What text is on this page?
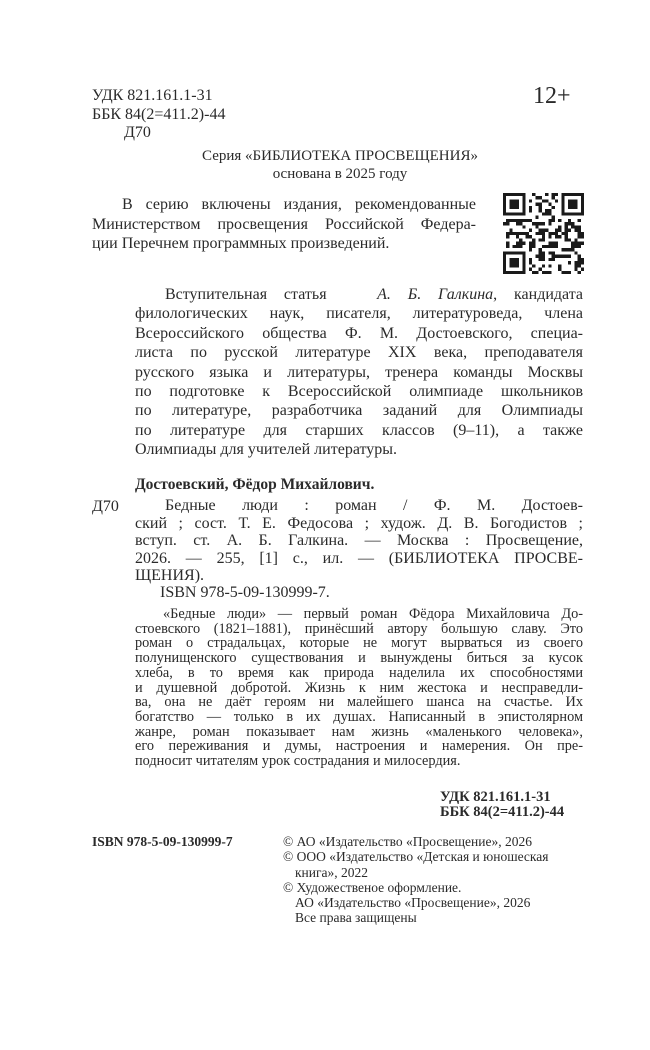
УДК 821.161.1-31
ББК 84(2=411.2)-44
Д70
12+
Серия «БИБЛИОТЕКА ПРОСВЕЩЕНИЯ»
основана в 2025 году
В серию включены издания, рекомендованные
Министерством просвещения Российской Федера-
ции Перечнем программных произведений.
Вступительная статья	А. Б. Галкина, кандидата
филологических наук, писателя, литературоведа, члена
Всероссийского общества Ф. М. Достоевского, специа-
листа по русской литературе XIX века, преподавателя
русского языка и литературы, тренера команды Москвы
по подготовке к Всероссийской олимпиаде школьников
по литературе, разработчика заданий для Олимпиады
по литературе для старших классов (9–11), а также
Олимпиады для учителей литературы.
Достоевский, Фёдор Михайлович.
Д70	Бедные люди : роман / Ф. М. Достоев-
ский ; сост. Т. Е. Федосова ; худож. Д. В. Богодистов ;
вступ. ст. А. Б. Галкина. — Москва : Просвещение,
2026. — 255, [1] с., ил. — (БИБЛИОТЕКА ПРОСВЕ-
ЩЕНИЯ).
ISBN 978-5-09-130999-7.
«Бедные люди» — первый роман Фёдора Михайловича До-
стоевского (1821–1881), принёсший автору большую славу. Это
роман о страдальцах, которые не могут вырваться из своего
полунищенского существования и вынуждены биться за кусок
хлеба, в то время как природа наделила их способностями
и душевной добротой. Жизнь к ним жестока и несправедли-
ва, она не даёт героям ни малейшего шанса на счастье. Их
богатство — только в их душах. Написанный в эпистолярном
жанре, роман показывает нам жизнь «маленького человека»,
его переживания и думы, настроения и намерения. Он пре-
подносит читателям урок сострадания и милосердия.
УДК 821.161.1-31
ББК 84(2=411.2)-44
ISBN 978-5-09-130999-7	© АО «Издательство «Просвещение», 2026
© ООО «Издательство «Детская и юношеская
книга», 2022
© Художественое оформление.
АО «Издательство «Просвещение», 2026
Все права защищены
